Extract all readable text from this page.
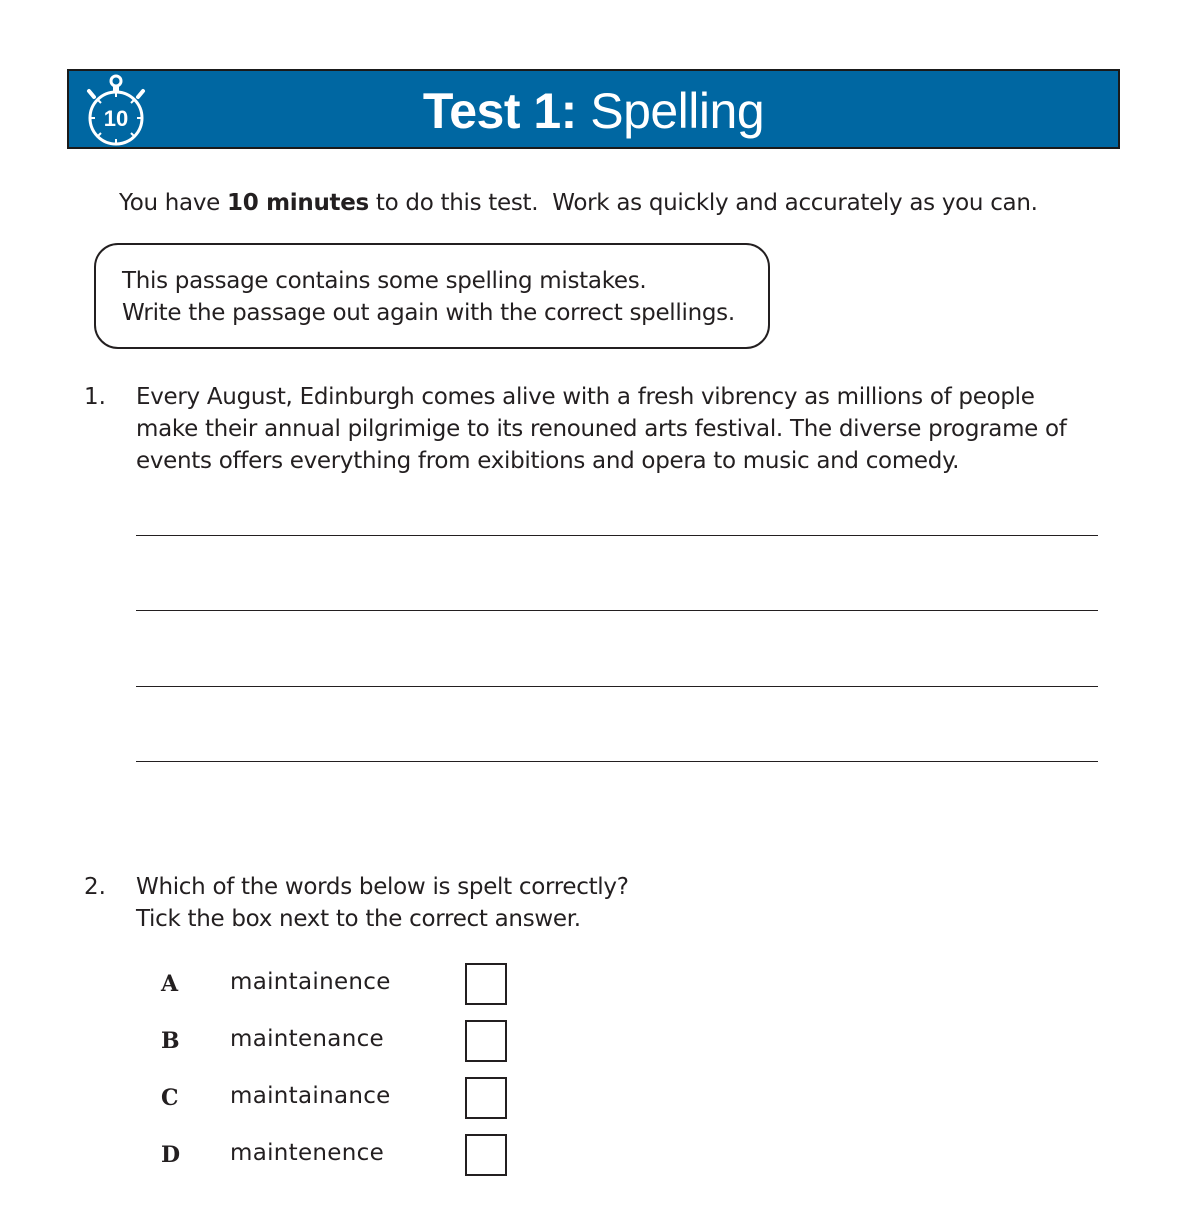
10	Test 1: Spelling
You have 10 minutes to do this test.  Work as quickly and accurately as you can.
This passage contains some spelling mistakes.
Write the passage out again with the correct spellings.
1. Every August, Edinburgh comes alive with a fresh vibrency as millions of people
make their annual pilgrimige to its renouned arts festival. The diverse programe of
events offers everything from exibitions and opera to music and comedy.
2. Which of the words below is spelt correctly?
Tick the box next to the correct answer.
A maintainence
B maintenance
C maintainance
D maintenence
